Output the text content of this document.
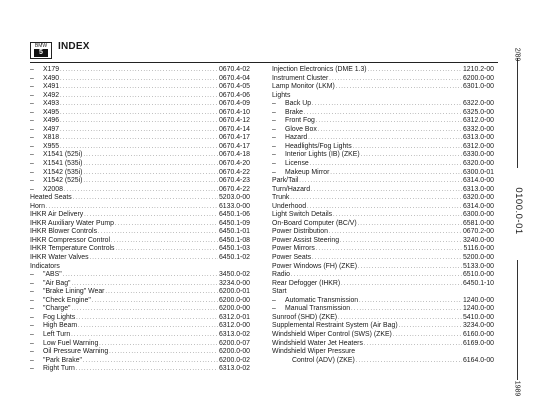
BMW
5
INDEX
–	X179 . . .	0670.4-02
–	X490 . . .	0670.4-04
–	X491 . . .	0670.4-05
–	X492 . . .	0670.4-06
–	X493 . . .	0670.4-09
–	X495 . . .	0670.4-10
–	X496 . . .	0670.4-12
–	X497 . . .	0670.4-14
–	X818 . . .	0670.4-17
–	X955 . . .	0670.4-17
–	X1541 (525i) . . .	0670.4-18
–	X1541 (535i) . . .	0670.4-20
–	X1542 (535i) . . .	0670.4-22
–	X1542 (525i) . . .	0670.4-23
–	X2008 . . .	0670.4-22
Heated Seats . . .	5203.0-00
Horn . . .	6133.0-00
IHKR Air Delivery . . .	6450.1-06
IHKR Auxiliary Water Pump . . .	6450.1-09
IHKR Blower Controls . . .	6450.1-01
IHKR Compressor Control . . .	6450.1-08
IHKR Temperature Controls . . .	6450.1-03
IHKR Water Valves . . .	6450.1-02
Indicators
–	"ABS" . . .	3450.0-02
–	"Air Bag" . . .	3234.0-00
–	"Brake Lining" Wear . . .	6200.0-01
–	"Check Engine" . . .	6200.0-00
–	"Charge" . . .	6200.0-00
–	Fog Lights . . .	6312.0-01
–	High Beam . . .	6312.0-00
–	Left Turn . . .	6313.0-02
–	Low Fuel Warning . . .	6200.0-07
–	Oil Pressure Warning . . .	6200.0-00
–	"Park Brake" . . .	6200.0-02
–	Right Turn . . .	6313.0-02
Injection Electronics (DME 1.3) . . .	1210.2-00
Instrument Cluster . . .	6200.0-00
Lamp Monitor (LKM) . . .	6301.0-00
Lights
–	Back Up . . .	6322.0-00
–	Brake . . .	6325.0-00
–	Front Fog . . .	6312.0-00
–	Glove Box . . .	6332.0-00
–	Hazard . . .	6313.0-00
–	Headlights/Fog Lights . . .	6312.0-00
–	Interior Lights (IB) (ZKE) . . .	6330.0-00
–	License . . .	6320.0-00
–	Makeup Mirror . . .	6300.0-01
Park/Tail . . .	6314.0-00
Turn/Hazard . . .	6313.0-00
Trunk . . .	6320.0-00
Underhood . . .	6314.0-00
Light Switch Details . . .	6300.0-00
On-Board Computer (BC/V) . . .	6581.0-00
Power Distribution . . .	0670.2-00
Power Assist Steering . . .	3240.0-00
Power Mirrors . . .	5116.0-00
Power Seats . . .	5200.0-00
Power Windows (FH) (ZKE) . . .	5133.0-00
Radio . . .	6510.0-00
Rear Defogger (IHKR) . . .	6450.1-10
Start
–	Automatic Transmission . . .	1240.0-00
–	Manual Transmission . . .	1240.0-00
Sunroof (SHD) (ZKE) . . .	5410.0-00
Supplemental Restraint System (Air Bag) . . .	3234.0-00
Windshield Wiper Control (SWS) (ZKE) . . .	6160.0-00
Windshield Water Jet Heaters . . .	6169.0-00
Windshield Wiper Pressure
Control (ADV) (ZKE) . . .	6164.0-00
2/89
0100.0-01
1989
